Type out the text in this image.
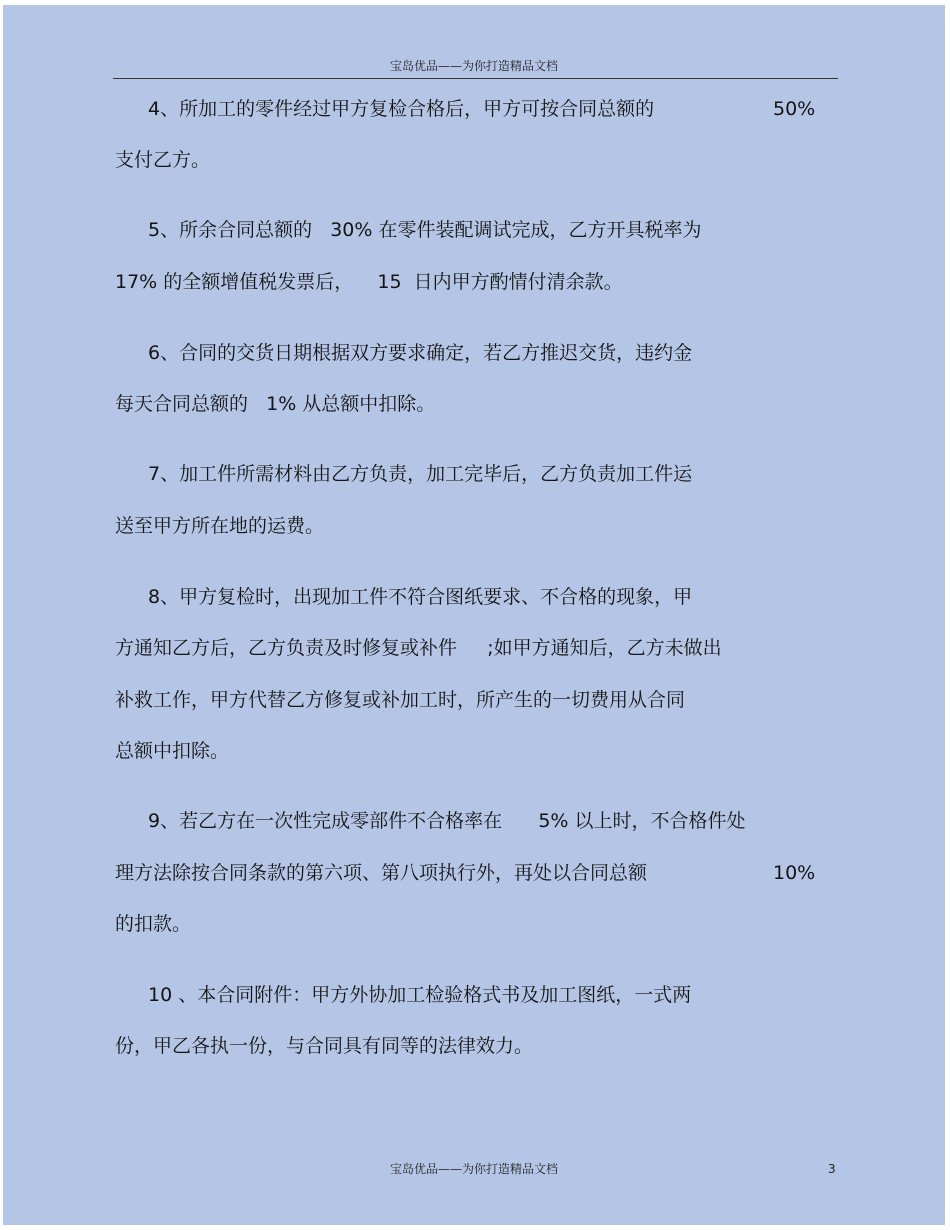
宝岛优品——为你打造精品文档
4、所加工的零件经过甲方复检合格后，甲方可按合同总额的	50%
支付乙方。
5、所余合同总额的   30% 在零件装配调试完成，乙方开具税率为
17% 的全额增值税发票后，    15  日内甲方酌情付清余款。
6、合同的交货日期根据双方要求确定，若乙方推迟交货，违约金
每天合同总额的   1% 从总额中扣除。
7、加工件所需材料由乙方负责，加工完毕后，乙方负责加工件运
送至甲方所在地的运费。
8、甲方复检时，出现加工件不符合图纸要求、不合格的现象，甲
方通知乙方后，乙方负责及时修复或补件     ;如甲方通知后，乙方未做出
补救工作，甲方代替乙方修复或补加工时，所产生的一切费用从合同
总额中扣除。
9、若乙方在一次性完成零部件不合格率在      5% 以上时，不合格件处
理方法除按合同条款的第六项、第八项执行外，再处以合同总额	10%
的扣款。
10 、本合同附件：甲方外协加工检验格式书及加工图纸，一式两
份，甲乙各执一份，与合同具有同等的法律效力。
宝岛优品——为你打造精品文档	3
